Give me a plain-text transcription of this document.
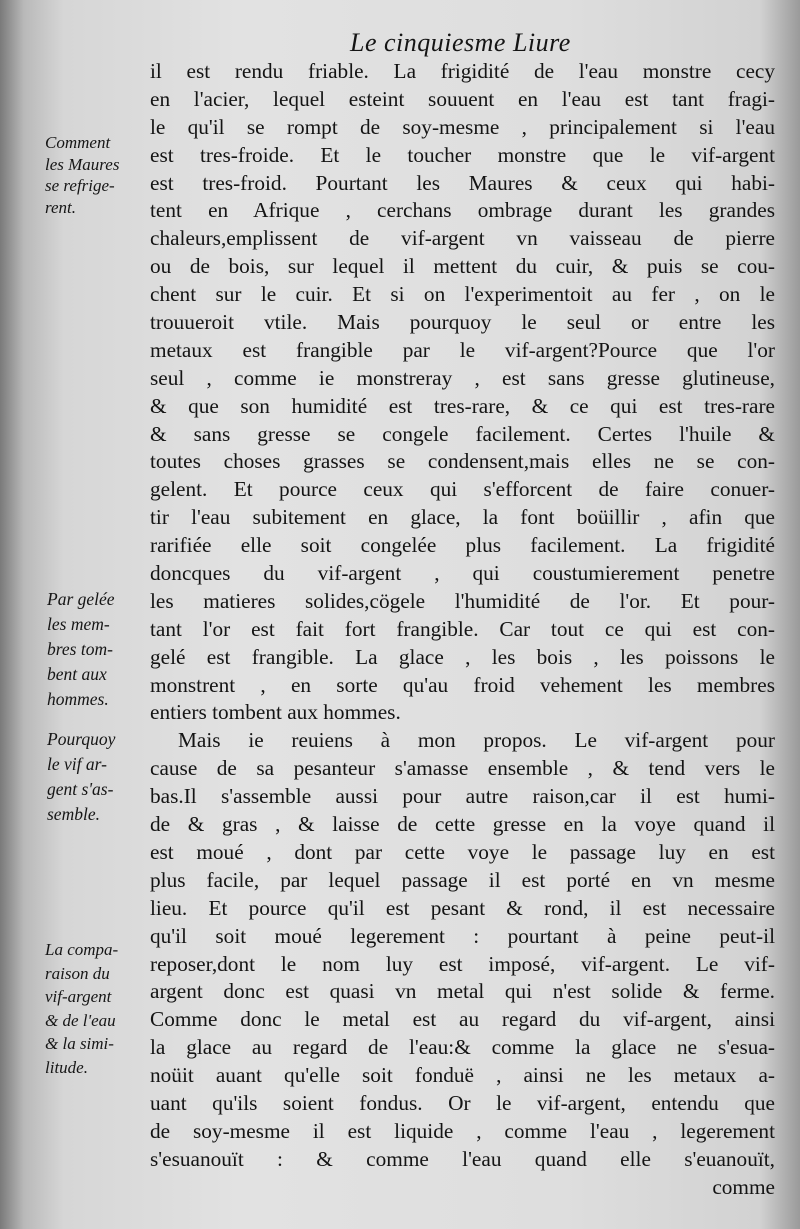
Le cinquiesme Liure
Comment
les Maures
se refrige-
rent.
Par gelée
les mem-
bres tom-
bent aux
hommes.
Pourquoy
le vif ar-
gent s'as-
semble.
La compa-
raison du
vif-argent
& de l'eau
& la simi-
litude.
il est rendu friable. La frigidité de l'eau monstre cecy
en l'acier, lequel esteint souuent en l'eau est tant fragi-
le qu'il se rompt de soy-mesme , principalement si l'eau
est tres-froide. Et le toucher monstre que le vif-argent
est tres-froid. Pourtant les Maures & ceux qui habi-
tent en Afrique , cerchans ombrage durant les grandes
chaleurs,emplissent de vif-argent vn vaisseau de pierre
ou de bois, sur lequel il mettent du cuir, & puis se cou-
chent sur le cuir. Et si on l'experimentoit au fer , on le
trouueroit vtile. Mais pourquoy le seul or entre les
metaux est frangible par le vif-argent?Pource que l'or
seul , comme ie monstreray , est sans gresse glutineuse,
& que son humidité est tres-rare, & ce qui est tres-rare
& sans gresse se congele facilement. Certes l'huile &
toutes choses grasses se condensent,mais elles ne se con-
gelent. Et pource ceux qui s'efforcent de faire conuer-
tir l'eau subitement en glace, la font boüillir , afin que
rarifiée elle soit congelée plus facilement. La frigidité
doncques du vif-argent , qui coustumierement penetre
les matieres solides,cögele l'humidité de l'or. Et pour-
tant l'or est fait fort frangible. Car tout ce qui est con-
gelé est frangible. La glace , les bois , les poissons le
monstrent , en sorte qu'au froid vehement les membres
entiers tombent aux hommes.
Mais ie reuiens à mon propos. Le vif-argent pour
cause de sa pesanteur s'amasse ensemble , & tend vers le
bas.Il s'assemble aussi pour autre raison,car il est humi-
de & gras , & laisse de cette gresse en la voye quand il
est moué , dont par cette voye le passage luy en est
plus facile, par lequel passage il est porté en vn mesme
lieu. Et pource qu'il est pesant & rond, il est necessaire
qu'il soit moué legerement : pourtant à peine peut-il
reposer,dont le nom luy est imposé, vif-argent. Le vif-
argent donc est quasi vn metal qui n'est solide & ferme.
Comme donc le metal est au regard du vif-argent, ainsi
la glace au regard de l'eau:& comme la glace ne s'esua-
noüit auant qu'elle soit fonduë , ainsi ne les metaux a-
uant qu'ils soient fondus. Or le vif-argent, entendu que
de soy-mesme il est liquide , comme l'eau , legerement
s'esuanouït : & comme l'eau quand elle s'euanouït,
comme
